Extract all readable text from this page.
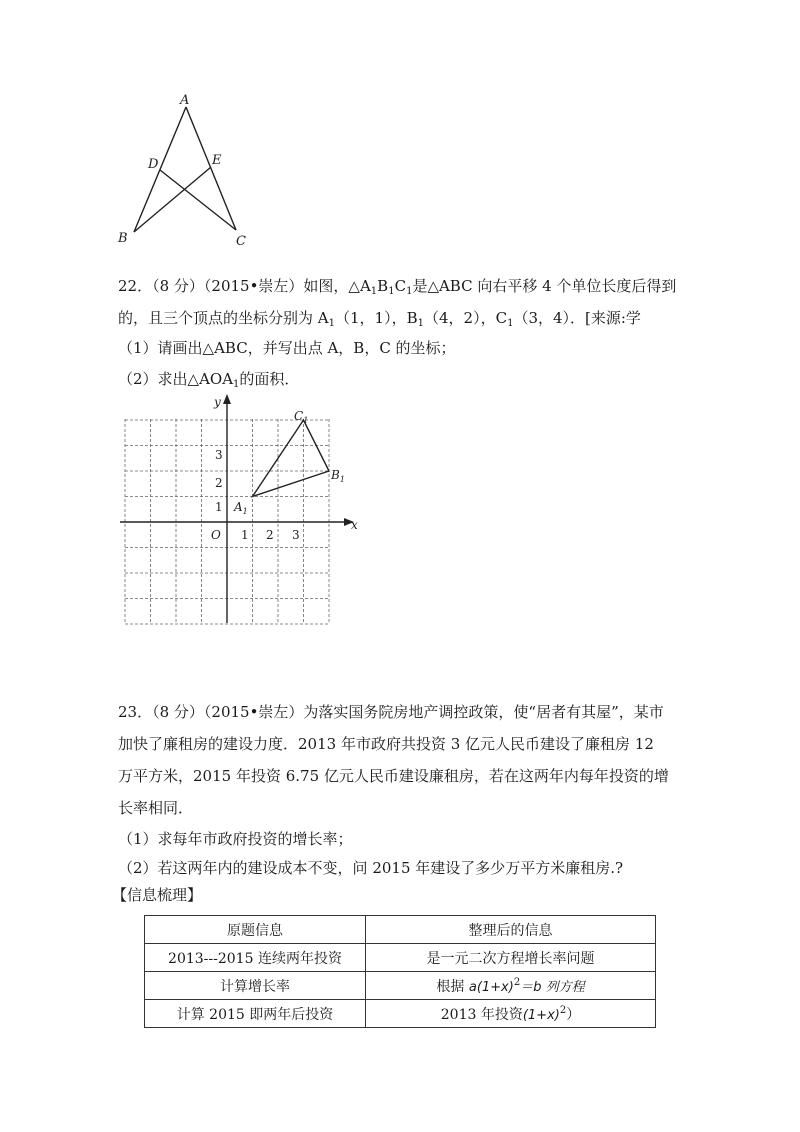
A
D	E
B	C
22．（8 分）（2015•崇左）如图，$\triangle A_1B_1C_1$是△ABC 向右平移 4 个单位长度后得到
的，且三个顶点的坐标分别为 $A_1(1$，1），$B_1(4$，2），$C_1(3$，4）．[来源:学
（1）请画出△ABC，并写出点 A，B，C 的坐标；
（2）求出$\triangle AOA_1$的面积．
x
y
O 1 2 3
1
2
3
$A_1$
$B_1$
$C_1$
23．（8 分）（2015•崇左）为落实国务院房地产调控政策，使“居者有其屋”，某市
加快了廉租房的建设力度．2013 年市政府共投资 3 亿元人民币建设了廉租房 12
万平方米，2015 年投资 6.75 亿元人民币建设廉租房，若在这两年内每年投资的增
长率相同．
（1）求每年市政府投资的增长率；
（2）若这两年内的建设成本不变，问 2015 年建设了多少万平方米廉租房.?
【信息梳理】
原题信息	整理后的信息
2013---2015 连续两年投资	是一元二次方程增长率问题
计算增长率	根据 $a(1+x)^2=b$ 列方程
计算 2015 即两年后投资	2013 年投资$(1+x)^2$）
